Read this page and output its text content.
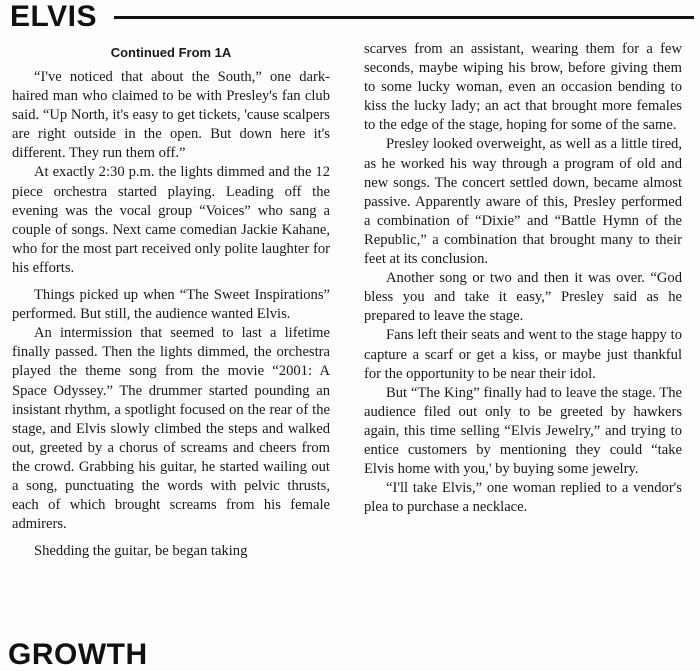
ELVIS
Continued From 1A

“I've noticed that about the South,” one dark-haired man who claimed to be with Presley's fan club said. “Up North, it's easy to get tickets, 'cause scalpers are right outside in the open. But down here it's different. They run them off.”

At exactly 2:30 p.m. the lights dimmed and the 12 piece orchestra started playing. Leading off the evening was the vocal group “Voices” who sang a couple of songs. Next came comedian Jackie Kahane, who for the most part received only polite laughter for his efforts.

Things picked up when “The Sweet Inspirations” performed. But still, the audience wanted Elvis.

An intermission that seemed to last a lifetime finally passed. Then the lights dimmed, the orchestra played the theme song from the movie “2001: A Space Odyssey.” The drummer started pounding an insistant rhythm, a spotlight focused on the rear of the stage, and Elvis slowly climbed the steps and walked out, greeted by a chorus of screams and cheers from the crowd. Grabbing his guitar, he started wailing out a song, punctuating the words with pelvic thrusts, each of which brought screams from his female admirers.

Shedding the guitar, be began taking

scarves from an assistant, wearing them for a few seconds, maybe wiping his brow, before giving them to some lucky woman, even an occasion bending to kiss the lucky lady; an act that brought more females to the edge of the stage, hoping for some of the same.

Presley looked overweight, as well as a little tired, as he worked his way through a program of old and new songs. The concert settled down, became almost passive. Apparently aware of this, Presley performed a combination of “Dixie” and “Battle Hymn of the Republic,” a combination that brought many to their feet at its conclusion.

Another song or two and then it was over. “God bless you and take it easy,” Presley said as he prepared to leave the stage.

Fans left their seats and went to the stage happy to capture a scarf or get a kiss, or maybe just thankful for the opportunity to be near their idol.

But “The King” finally had to leave the stage. The audience filed out only to be greeted by hawkers again, this time selling “Elvis Jewelry,” and trying to entice customers by mentioning they could “take Elvis home with you,' by buying some jewelry.

“I'll take Elvis,” one woman replied to a vendor's plea to purchase a necklace.

GROWTH
